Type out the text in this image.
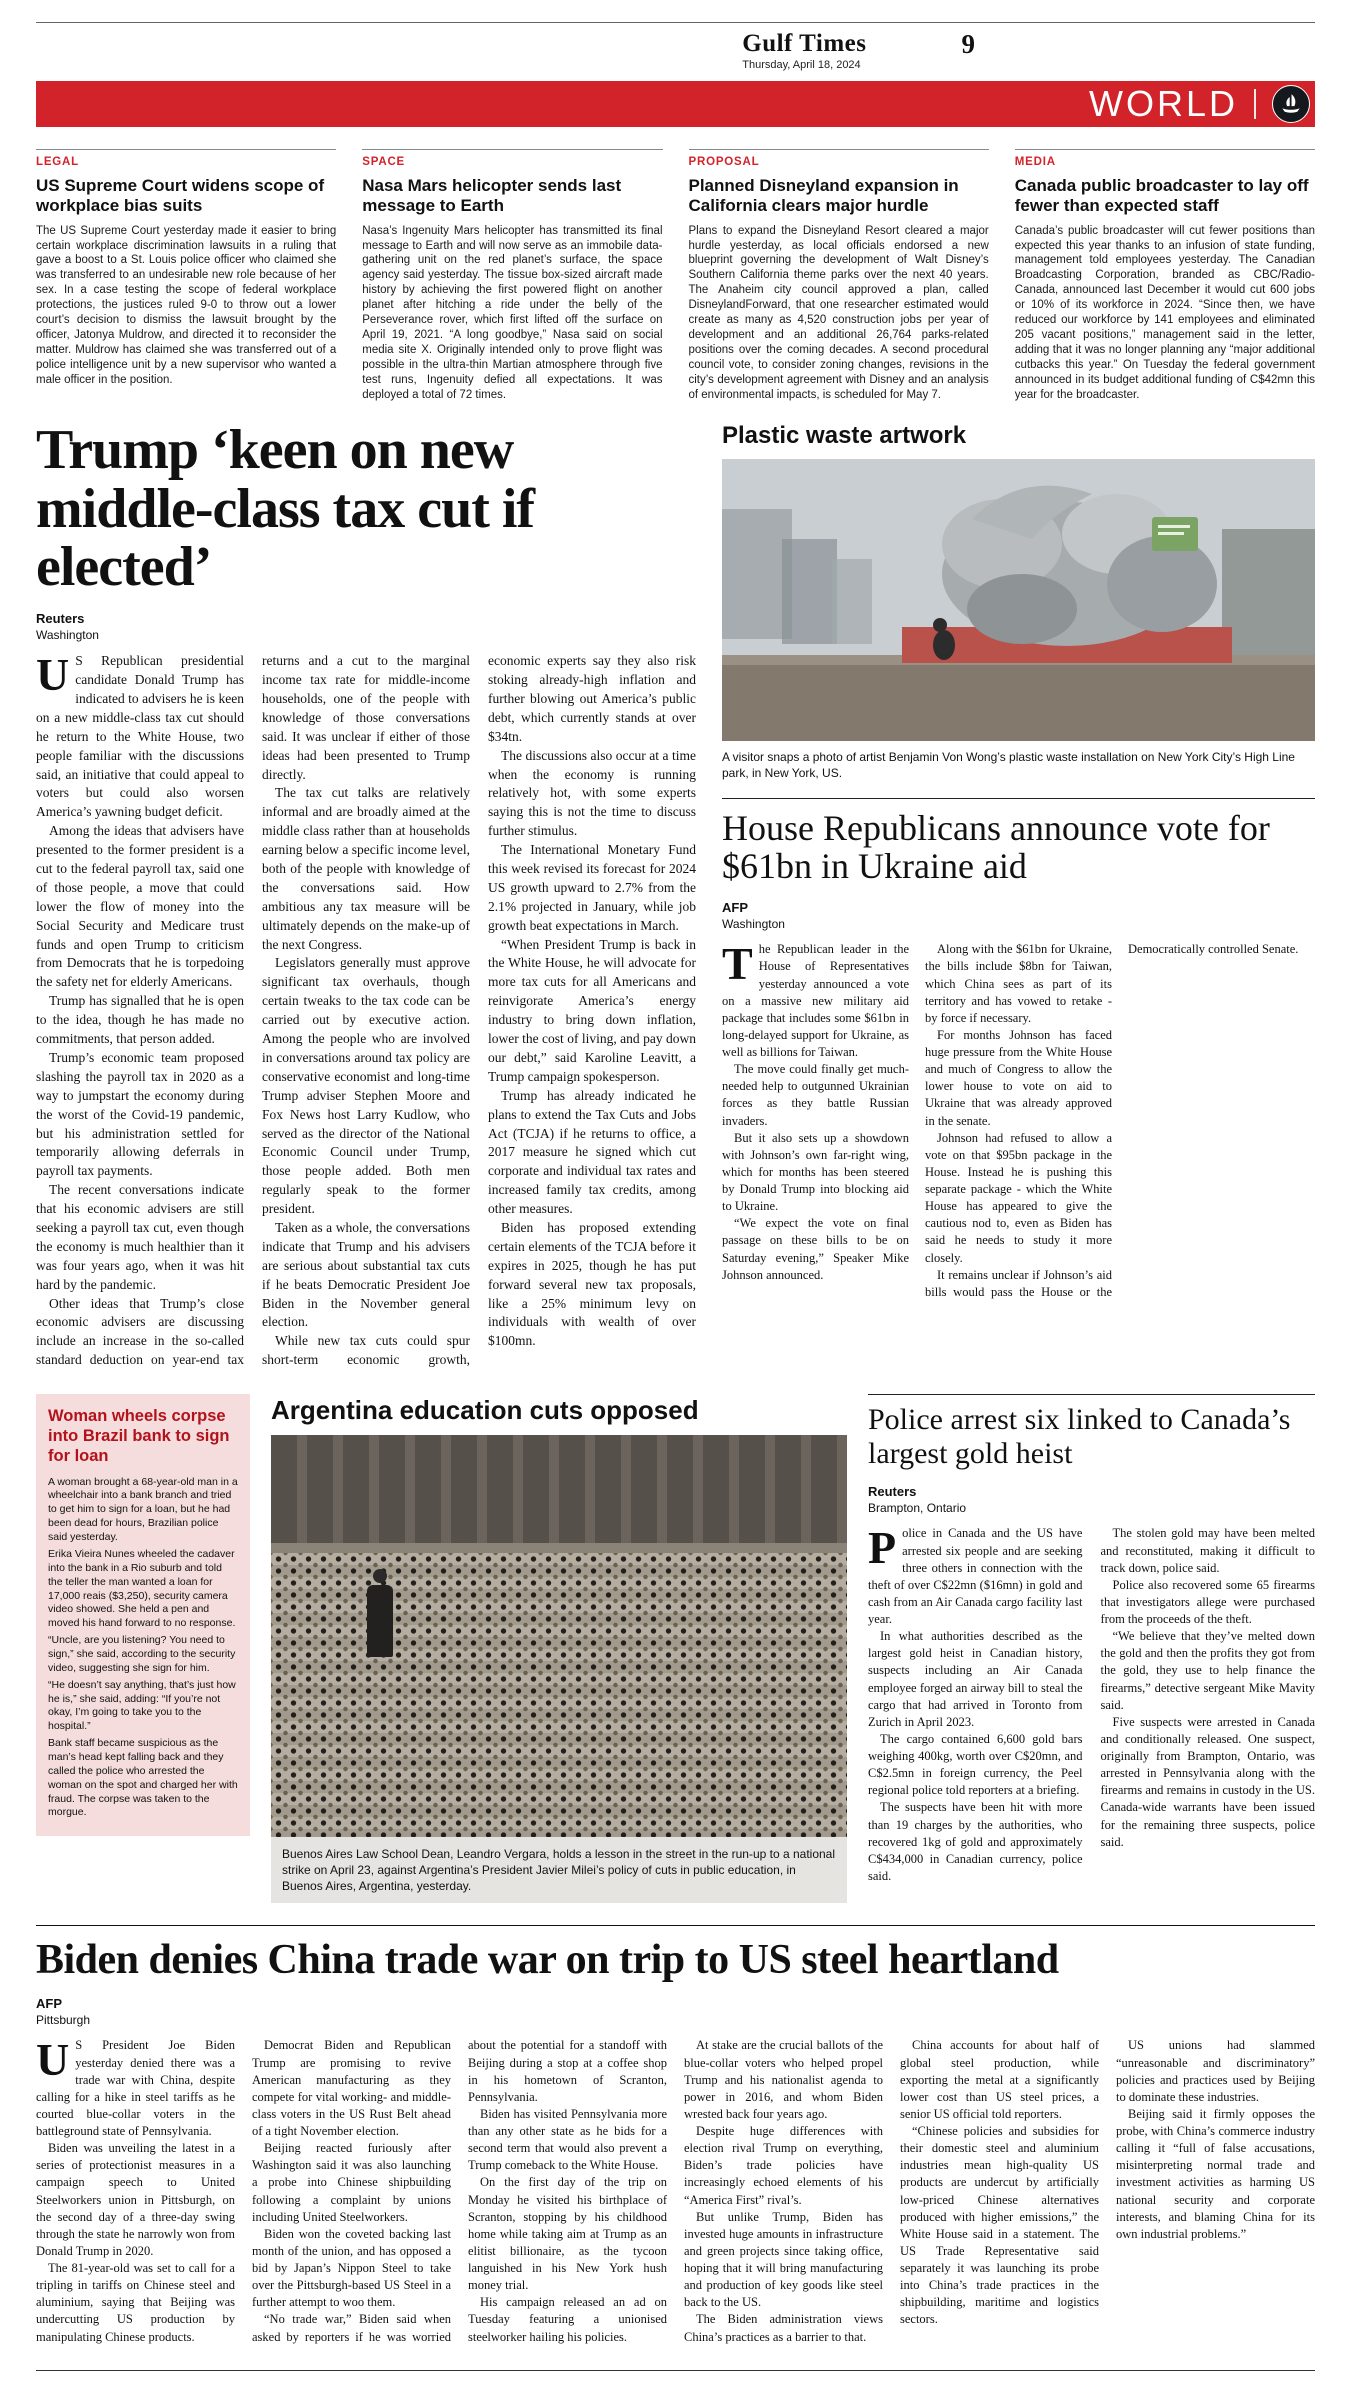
Gulf Times
Thursday, April 18, 2024
9
WORLD
LEGAL
US Supreme Court widens scope of workplace bias suits

The US Supreme Court yesterday made it easier to bring certain workplace discrimination lawsuits in a ruling that gave a boost to a St. Louis police officer who claimed she was transferred to an undesirable new role because of her sex. In a case testing the scope of federal workplace protections, the justices ruled 9-0 to throw out a lower court’s decision to dismiss the lawsuit brought by the officer, Jatonya Muldrow, and directed it to reconsider the matter. Muldrow has claimed she was transferred out of a police intelligence unit by a new supervisor who wanted a male officer in the position.

SPACE
Nasa Mars helicopter sends last message to Earth

Nasa’s Ingenuity Mars helicopter has transmitted its final message to Earth and will now serve as an immobile data-gathering unit on the red planet’s surface, the space agency said yesterday. The tissue box-sized aircraft made history by achieving the first powered flight on another planet after hitching a ride under the belly of the Perseverance rover, which first lifted off the surface on April 19, 2021. “A long goodbye,” Nasa said on social media site X. Originally intended only to prove flight was possible in the ultra-thin Martian atmosphere through five test runs, Ingenuity defied all expectations. It was deployed a total of 72 times.

PROPOSAL
Planned Disneyland expansion in California clears major hurdle

Plans to expand the Disneyland Resort cleared a major hurdle yesterday, as local officials endorsed a new blueprint governing the development of Walt Disney’s Southern California theme parks over the next 40 years. The Anaheim city council approved a plan, called DisneylandForward, that one researcher estimated would create as many as 4,520 construction jobs per year of development and an additional 26,764 parks-related positions over the coming decades. A second procedural council vote, to consider zoning changes, revisions in the city’s development agreement with Disney and an analysis of environmental impacts, is scheduled for May 7.

MEDIA
Canada public broadcaster to lay off fewer than expected staff

Canada’s public broadcaster will cut fewer positions than expected this year thanks to an infusion of state funding, management told employees yesterday. The Canadian Broadcasting Corporation, branded as CBC/Radio-Canada, announced last December it would cut 600 jobs or 10% of its workforce in 2024. “Since then, we have reduced our workforce by 141 employees and eliminated 205 vacant positions,” management said in the letter, adding that it was no longer planning any “major additional cutbacks this year.” On Tuesday the federal government announced in its budget additional funding of C$42mn this year for the broadcaster.

Trump ‘keen on new middle-class tax cut if elected’
Reuters
Washington

US Republican presidential candidate Donald Trump has indicated to advisers he is keen on a new middle-class tax cut should he return to the White House, two people familiar with the discussions said, an initiative that could appeal to voters but could also worsen America’s yawning budget deficit.

Among the ideas that advisers have presented to the former president is a cut to the federal payroll tax, said one of those people, a move that could lower the flow of money into the Social Security and Medicare trust funds and open Trump to criticism from Democrats that he is torpedoing the safety net for elderly Americans.

Trump has signalled that he is open to the idea, though he has made no commitments, that person added.

Trump’s economic team proposed slashing the payroll tax in 2020 as a way to jumpstart the economy during the worst of the Covid-19 pandemic, but his administration settled for temporarily allowing deferrals in payroll tax payments.

The recent conversations indicate that his economic advisers are still seeking a payroll tax cut, even though the economy is much healthier than it was four years ago, when it was hit hard by the pandemic.

Other ideas that Trump’s close economic advisers are discussing include an increase in the so-called standard deduction on year-end tax returns and a cut to the marginal income tax rate for middle-income households, one of the people with knowledge of those conversations said. It was unclear if either of those ideas had been presented to Trump directly.

The tax cut talks are relatively informal and are broadly aimed at the middle class rather than at households earning below a specific income level, both of the people with knowledge of the conversations said. How ambitious any tax measure will be ultimately depends on the make-up of the next Congress.

Legislators generally must approve significant tax overhauls, though certain tweaks to the tax code can be carried out by executive action. Among the people who are involved in conversations around tax policy are conservative economist and long-time Trump adviser Stephen Moore and Fox News host Larry Kudlow, who served as the director of the National Economic Council under Trump, those people added. Both men regularly speak to the former president.

Taken as a whole, the conversations indicate that Trump and his advisers are serious about substantial tax cuts if he beats Democratic President Joe Biden in the November general election.

While new tax cuts could spur short-term economic growth, economic experts say they also risk stoking already-high inflation and further blowing out America’s public debt, which currently stands at over $34tn.

The discussions also occur at a time when the economy is running relatively hot, with some experts saying this is not the time to discuss further stimulus.

The International Monetary Fund this week revised its forecast for 2024 US growth upward to 2.7% from the 2.1% projected in January, while job growth beat expectations in March.

“When President Trump is back in the White House, he will advocate for more tax cuts for all Americans and reinvigorate America’s energy industry to bring down inflation, lower the cost of living, and pay down our debt,” said Karoline Leavitt, a Trump campaign spokesperson.

Trump has already indicated he plans to extend the Tax Cuts and Jobs Act (TCJA) if he returns to office, a 2017 measure he signed which cut corporate and individual tax rates and increased family tax credits, among other measures.

Biden has proposed extending certain elements of the TCJA before it expires in 2025, though he has put forward several new tax proposals, like a 25% minimum levy on individuals with wealth of over $100mn.

Plastic waste artwork

A visitor snaps a photo of artist Benjamin Von Wong’s plastic waste installation on New York City’s High Line park, in New York, US.

House Republicans announce vote for $61bn in Ukraine aid
AFP
Washington

The Republican leader in the House of Representatives yesterday announced a vote on a massive new military aid package that includes some $61bn in long-delayed support for Ukraine, as well as billions for Taiwan.

The move could finally get much-needed help to outgunned Ukrainian forces as they battle Russian invaders.

But it also sets up a showdown with Johnson’s own far-right wing, which for months has been steered by Donald Trump into blocking aid to Ukraine.

“We expect the vote on final passage on these bills to be on Saturday evening,” Speaker Mike Johnson announced.

Along with the $61bn for Ukraine, the bills include $8bn for Taiwan, which China sees as part of its territory and has vowed to retake - by force if necessary.

For months Johnson has faced huge pressure from the White House and much of Congress to allow the lower house to vote on aid to Ukraine that was already approved in the senate.

Johnson had refused to allow a vote on that $95bn package in the House. Instead he is pushing this separate package - which the White House has appeared to give the cautious nod to, even as Biden has said he needs to study it more closely.

It remains unclear if Johnson’s aid bills would pass the House or the Democratically controlled Senate.

Woman wheels corpse into Brazil bank to sign for loan

A woman brought a 68-year-old man in a wheelchair into a bank branch and tried to get him to sign for a loan, but he had been dead for hours, Brazilian police said yesterday.

Erika Vieira Nunes wheeled the cadaver into the bank in a Rio suburb and told the teller the man wanted a loan for 17,000 reais ($3,250), security camera video showed. She held a pen and moved his hand forward to no response.

“Uncle, are you listening? You need to sign,” she said, according to the security video, suggesting she sign for him.

“He doesn’t say anything, that’s just how he is,” she said, adding: “If you’re not okay, I’m going to take you to the hospital.”

Bank staff became suspicious as the man’s head kept falling back and they called the police who arrested the woman on the spot and charged her with fraud. The corpse was taken to the morgue.

Argentina education cuts opposed

Buenos Aires Law School Dean, Leandro Vergara, holds a lesson in the street in the run-up to a national strike on April 23, against Argentina’s President Javier Milei’s policy of cuts in public education, in Buenos Aires, Argentina, yesterday.

Police arrest six linked to Canada’s largest gold heist
Reuters
Brampton, Ontario

Police in Canada and the US have arrested six people and are seeking three others in connection with the theft of over C$22mn ($16mn) in gold and cash from an Air Canada cargo facility last year.

In what authorities described as the largest gold heist in Canadian history, suspects including an Air Canada employee forged an airway bill to steal the cargo that had arrived in Toronto from Zurich in April 2023.

The cargo contained 6,600 gold bars weighing 400kg, worth over C$20mn, and C$2.5mn in foreign currency, the Peel regional police told reporters at a briefing.

The suspects have been hit with more than 19 charges by the authorities, who recovered 1kg of gold and approximately C$434,000 in Canadian currency, police said.

The stolen gold may have been melted and reconstituted, making it difficult to track down, police said.

Police also recovered some 65 firearms that investigators allege were purchased from the proceeds of the theft.

“We believe that they’ve melted down the gold and then the profits they got from the gold, they use to help finance the firearms,” detective sergeant Mike Mavity said.

Five suspects were arrested in Canada and conditionally released. One suspect, originally from Brampton, Ontario, was arrested in Pennsylvania along with the firearms and remains in custody in the US. Canada-wide warrants have been issued for the remaining three suspects, police said.

Biden denies China trade war on trip to US steel heartland
AFP
Pittsburgh

US President Joe Biden yesterday denied there was a trade war with China, despite calling for a hike in steel tariffs as he courted blue-collar voters in the battleground state of Pennsylvania.

Biden was unveiling the latest in a series of protectionist measures in a campaign speech to United Steelworkers union in Pittsburgh, on the second day of a three-day swing through the state he narrowly won from Donald Trump in 2020.

The 81-year-old was set to call for a tripling in tariffs on Chinese steel and aluminium, saying that Beijing was undercutting US production by manipulating Chinese products.

Democrat Biden and Republican Trump are promising to revive American manufacturing as they compete for vital working- and middle-class voters in the US Rust Belt ahead of a tight November election.

Beijing reacted furiously after Washington said it was also launching a probe into Chinese shipbuilding following a complaint by unions including United Steelworkers.

Biden won the coveted backing last month of the union, and has opposed a bid by Japan’s Nippon Steel to take over the Pittsburgh-based US Steel in a further attempt to woo them.

“No trade war,” Biden said when asked by reporters if he was worried about the potential for a standoff with Beijing during a stop at a coffee shop in his hometown of Scranton, Pennsylvania.

Biden has visited Pennsylvania more than any other state as he bids for a second term that would also prevent a Trump comeback to the White House.

On the first day of the trip on Monday he visited his birthplace of Scranton, stopping by his childhood home while taking aim at Trump as an elitist billionaire, as the tycoon languished in his New York hush money trial.

His campaign released an ad on Tuesday featuring a unionised steelworker hailing his policies.

At stake are the crucial ballots of the blue-collar voters who helped propel Trump and his nationalist agenda to power in 2016, and whom Biden wrested back four years ago.

Despite huge differences with election rival Trump on everything, Biden’s trade policies have increasingly echoed elements of his “America First” rival’s.

But unlike Trump, Biden has invested huge amounts in infrastructure and green projects since taking office, hoping that it will bring manufacturing and production of key goods like steel back to the US.

The Biden administration views China’s practices as a barrier to that.

China accounts for about half of global steel production, while exporting the metal at a significantly lower cost than US steel prices, a senior US official told reporters.

“Chinese policies and subsidies for their domestic steel and aluminium industries mean high-quality US products are undercut by artificially low-priced Chinese alternatives produced with higher emissions,” the White House said in a statement. The US Trade Representative said separately it was launching its probe into China’s trade practices in the shipbuilding, maritime and logistics sectors.

US unions had slammed “unreasonable and discriminatory” policies and practices used by Beijing to dominate these industries.

Beijing said it firmly opposes the probe, with China’s commerce industry calling it “full of false accusations, misinterpreting normal trade and investment activities as harming US national security and corporate interests, and blaming China for its own industrial problems.”
